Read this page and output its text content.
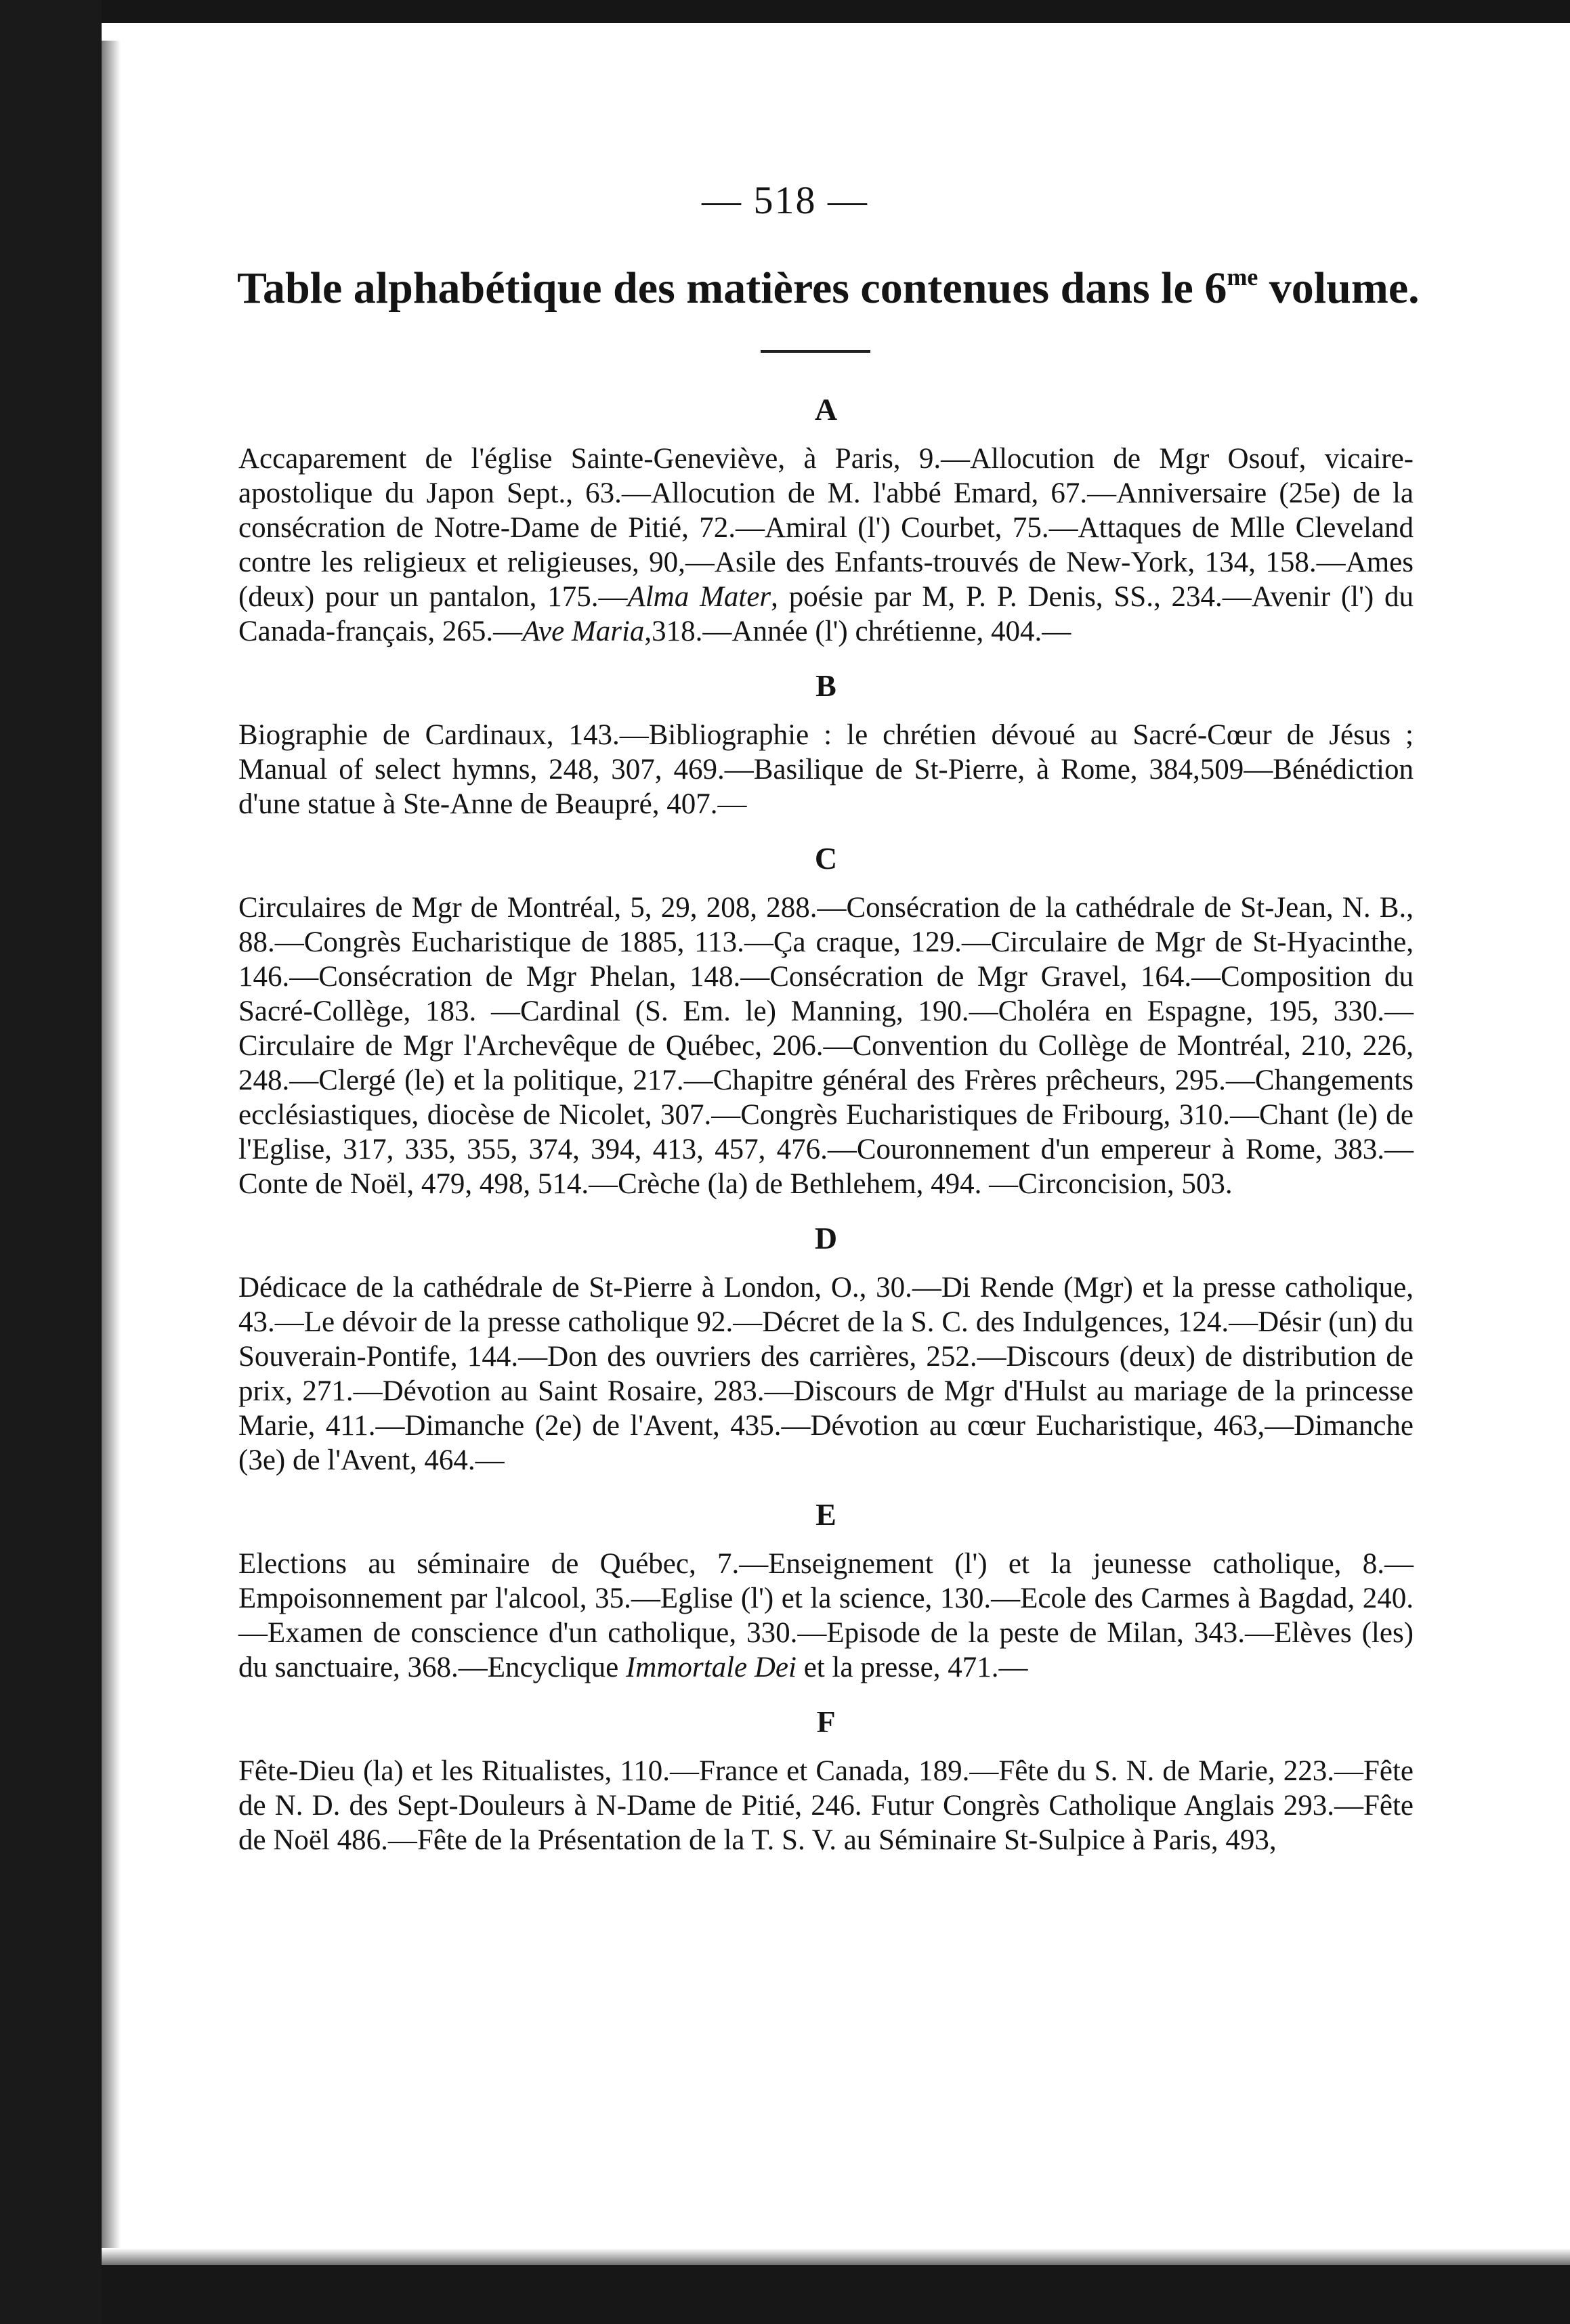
— 518 —
Table alphabétique des matières contenues dans le $6^{me}$ volume.
A

Accaparement de l'église Sainte-Geneviève, à Paris, 9.—Allocution de Mgr Osouf, vicaire-apostolique du Japon Sept., 63.—Allocution de M. l'abbé Emard, 67.—Anniversaire (25e) de la consécration de Notre-Dame de Pitié, 72.—Amiral (l') Courbet, 75.—Attaques de Mlle Cleveland contre les religieux et religieuses, 90,—Asile des Enfants-trouvés de New-York, 134, 158.—Ames (deux) pour un pantalon, 175.—Alma Mater, poésie par M, P. P. Denis, SS., 234.—Avenir (l') du Canada-français, 265.—Ave Maria,318.—Année (l') chrétienne, 404.—

B

Biographie de Cardinaux, 143.—Bibliographie : le chrétien dévoué au Sacré-Cœur de Jésus ; Manual of select hymns, 248, 307, 469.—Basilique de St-Pierre, à Rome, 384,509—Bénédiction d'une statue à Ste-Anne de Beaupré, 407.—

C

Circulaires de Mgr de Montréal, 5, 29, 208, 288.—Consécration de la cathédrale de St-Jean, N. B., 88.—Congrès Eucharistique de 1885, 113.—Ça craque, 129.—Circulaire de Mgr de St-Hyacinthe, 146.—Consécration de Mgr Phelan, 148.—Consécration de Mgr Gravel, 164.—Composition du Sacré-Collège, 183. —Cardinal (S. Em. le) Manning, 190.—Choléra en Espagne, 195, 330.—Circulaire de Mgr l'Archevêque de Québec, 206.—Convention du Collège de Montréal, 210, 226, 248.—Clergé (le) et la politique, 217.—Chapitre général des Frères prêcheurs, 295.—Changements ecclésiastiques, diocèse de Nicolet, 307.—Congrès Eucharistiques de Fribourg, 310.—Chant (le) de l'Eglise, 317, 335, 355, 374, 394, 413, 457, 476.—Couronnement d'un empereur à Rome, 383.—Conte de Noël, 479, 498, 514.—Crèche (la) de Bethlehem, 494. —Circoncision, 503.

D

Dédicace de la cathédrale de St-Pierre à London, O., 30.—Di Rende (Mgr) et la presse catholique, 43.—Le dévoir de la presse catholique 92.—Décret de la S. C. des Indulgences, 124.—Désir (un) du Souverain-Pontife, 144.—Don des ouvriers des carrières, 252.—Discours (deux) de distribution de prix, 271.—Dévotion au Saint Rosaire, 283.—Discours de Mgr d'Hulst au mariage de la princesse Marie, 411.—Dimanche (2e) de l'Avent, 435.—Dévotion au cœur Eucharistique, 463,—Dimanche (3e) de l'Avent, 464.—

E

Elections au séminaire de Québec, 7.—Enseignement (l') et la jeunesse catholique, 8.—Empoisonnement par l'alcool, 35.—Eglise (l') et la science, 130.—Ecole des Carmes à Bagdad, 240.—Examen de conscience d'un catholique, 330.—Episode de la peste de Milan, 343.—Elèves (les) du sanctuaire, 368.—Encyclique Immortale Dei et la presse, 471.—

F

Fête-Dieu (la) et les Ritualistes, 110.—France et Canada, 189.—Fête du S. N. de Marie, 223.—Fête de N. D. des Sept-Douleurs à N-Dame de Pitié, 246. Futur Congrès Catholique Anglais 293.—Fête de Noël 486.—Fête de la Présentation de la T. S. V. au Séminaire St-Sulpice à Paris, 493,
